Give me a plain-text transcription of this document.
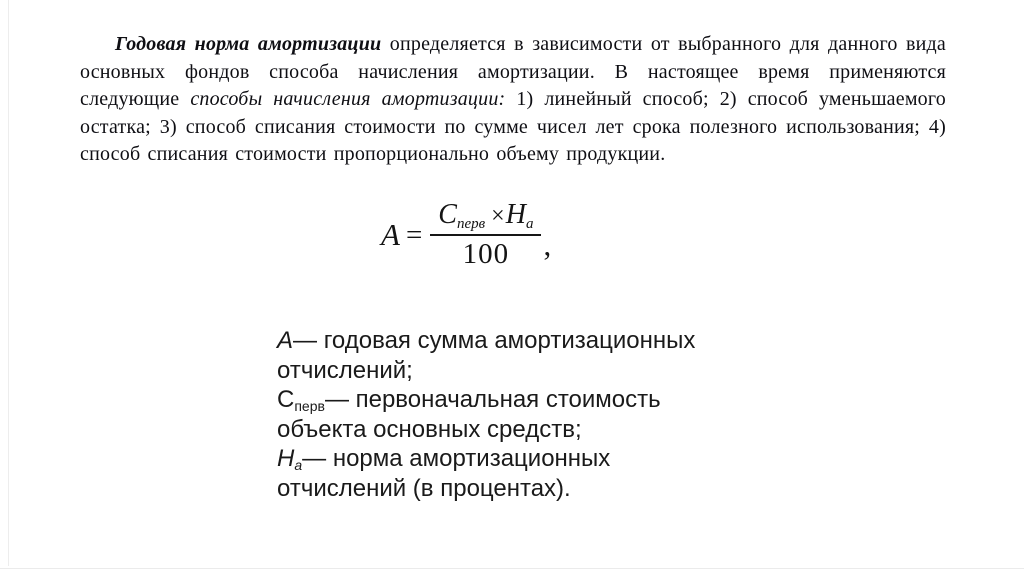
Годовая норма амортизации определяется в зависимости от выбранного для данного вида основных фондов способа начисления амортизации. В настоящее время применяются следующие способы начисления амортизации: 1) линейный способ; 2) способ уменьшаемого остатка; 3) способ списания стоимости по сумме чисел лет срока полезного использования; 4) способ списания стоимости пропорционально объему продукции.

$A = \frac{С_{перв} \times Н_а}{100}$ ,
А— годовая сумма амортизационных отчислений;
$С_{перв}—$ первоначальная стоимость объекта основных средств;
$Н_а—$ норма амортизационных отчислений (в процентах).
